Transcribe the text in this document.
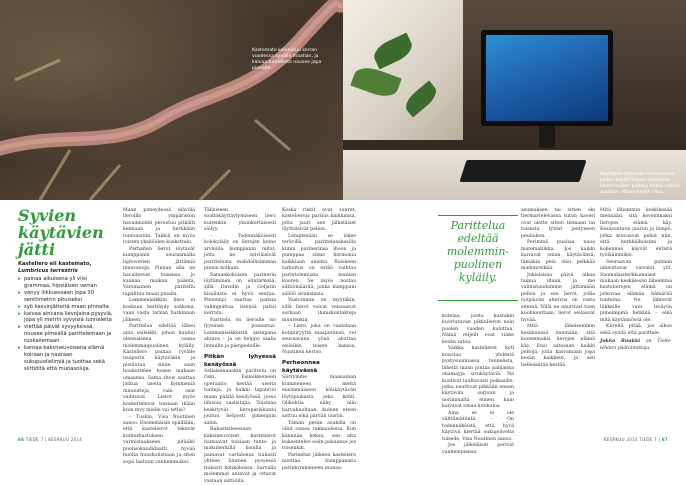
Kastemato kaivautuu kerran vuodessa syvälle maahan, ja kaivaa tunneleita nousee jopa pinnalle.
Käyttäjille tarjotaan tietokoneita, joiden käyttö kaipaa istumista, kenen kaiken polttuu tietoa säätää maahan. Maanviljelijä sitoo.
Syvien
käytävien
jätti
Kasteliero eli kastemato,
Lumbricus terrestris
▸ painaa aikuisena yli viisi grammaa, hipsiäisen verran
▸ venyy liikkuessaan jopa 30 senttimetrin pituiseksi
▸ syö kasvinjätteitä maan pinnalta
▸ kaivaa aincana lievojaina pysyviä, jopa yli metrin syvyisiä tunneleita
▸ viettää päivät syvyyksissä, nousee pimeällä parittelemaan ja ruokailemaan
▸ kantaa kaksineuvoisena elämä koiraan ja naaraan sukupuolielimiä ja tuottaa sekä siittiöitä että munasoluja.

Maan pimeydessä elävillä lieroilla ympäristön havainnointi perustuu pitkälti kemiaan ja herkkään tuntoaistiin. Takkiä on myös toisten yksilöiden koskettelu.

Parhaiten lierot löytävät kumppanin seuraamalla lajitoverien jättämiä limavanoja. Pinnan alla ne havaitsevat toisensa jo kaukaa maikan pääntä. Varsinainen paritellu tapahtuu maan pinalla.

Lemmenleikkiin liero ei koskaan heittäydy sokkona, vaan vasta tarkan harkinnan jälkeen.

Parittelua edeltää läheu aina esileikki, johon kuuluu olennaisena osana molemminpuolinen kyläily. Kasteliero painaa ryvälle naapurin käytäväkin ja pistäutuu sinne, saan houkuttelee toisen mukaan omaansa. Sama show saattaa jatkua useita kymmeniä minuutteja, vain osat vaihtuvat. Lierot myös koskettelevat toisiaan ikään kuin myy mielle vai tetlie?

– Tuskin, Visa Nuutinen sanoo. Ensimmäisin epäillään, että kastelierot tekevät kotitarkastuksen varmistaakseen, pitääkö puolisokandidaatti hyvää huolta huusholiistaan ja siten sopii laatuun vanhemmaksi.

Tällaiseen soidinkäyttäytymiseen liero kuitenkin yksinkertaisesti säilyy.

– Todennäköisesti kolokyläily on lierojen keino arvioida kumppanin mitat, jotta ne selviäisivät parittelusta mahdollisimman pienin kolhuin.

Samankokoisen parinerin löytäminen on elintärkeää, sillä Davidin ja Goljatin kisailusta ei hyvä seuraa. Pienempi saattaa paitsia vahingoittaa itsensä paitsi kerrata.

Parittelu on lieroille iso fyysinen ponnistus. Lemmenleikkeistä aiempana ahtava – ja on helppo saalis linnuille ja pienpedoille.

Pitkän lyhyessä kesäyössä

Sellaisenaankin parittelu on riski. Esileikkeineen operaatio kestää useita tunteja, ja kaikki tapahtuu maan päällä kesäyössä, jossa lähisuu saalistajia. Toisinaa keskityvät lieropariskunta joutuu helposti pimenpiin saliin.

Rakastelleessaan kaksineuvoiset kastelierot hamuavat toisiaan tunto- ja makuherkillä lisuilla ja painavat vartalonsa tiukasti yhteen häntien pysyessä tiukasti kotikoloissa. Sarvalla molemmat antavat ja ottavat vastaan siittiöitä.

Koska riskit ovat suuret, kastelieroja paritus kaikkansa, jotta juuri sen jälkeläiset täyttäisivät pellon.

Lemptesään se iskee terävillä parittelusakasilla kiinni parinerinsa ihoon ja pumppaa siime hormonia kaikkiaan aineita. Ruiskeen tarkoitus on estää vaihtoa parintolemusta munien kuoren. Se myös nostaa siittiömäärää, jonka kumppani säilöö sisuksiinsa.

Vastoinmin on myytäkin, sillä lierot voivat veissaavat sarkaan ihmiskontakteja muutenkin.

– Liero, joka on vaatelaan kotipiiryyttä maaperänsä, voi seuraavana yönä aloittaa esileikin toisen kanssa, Nuutinen kertoo.

Perheonnea käytävässä

Siirrymme maanaman kummeneen mettä ensimmäiseen kotikäytävän löytöpaikasta joka kohti. Olikohtia näky niin harvahuoltaan, kuinen eteen sattuu eikä pärvän uustin.

Tämän pesän asukilla on ollut onnea rakkaudessa. Kun kännnän keksu, sen alta kuksentelee esiin pakaansa jos toisenkin.

Parinelun jälkeen kasteliero nuottaa kumppanista parinkymmeneen munaa-

Parittelua
edeltää
molemmin-
puolinen kyläily.

kotelaa, joista kustakin kuoriutuvan pikkulieron noin puolen vuoden kuluttua. Nämä veljeilt ovat viime kesän satoa.

Vaikka kastelierot kotl kouotaa yhdestä pystysuunnassa tunnelista, lähellä maan pintaa palijanna ohamayja sivukäytäviä. Ne kuulivat luultavasti poikasille, jotka nauttivat pikkään ennen käytävän surjuun ja norimmalta ennen kuin kaivavat omaa kotikoloa.

Aina se ei ole välttämätöntä. – On todennäköistä, että hyvä käytävä kiertää sukupolvelta toiselle, Visa Nuutinen sanoo.

Jos jälkeläiset perivät vanhempiensa

asumuksen tai sitten oki tiermartelevassa tutun kaveri ovat olette sitten tiemaan tai toisesta tytöst jentyneen peuliokon.

Perimmä puoliaa nuoa matematiikka. Jos kaikki kaivavat oman käytävänsä, tämäkin pelu olisi pelkkää madonreikää.

Jokioisissa päivä alkaa taipua iltaan, ja me valmistaudumme jättämään pellon ja sen lierot, joilla työpäivän aherrus on vasta edessä. Yöllä ne nauttivat tuen kuohkeuttaan, lierot seilaavat hyvää.

Mitä läheisemmin kesäkuussä mennään, sitä kovemmaksi lierojen elämä käy. Ensi satosaan kaikki peltoja, joita kasvamaan jopa kesän kaikkein, ja sen hellesäätää kestää.

Mitä lähemmin keskikesää mennään, sitä kovemmaksi lierojen elämä käy. Kesäsontuon juuriin ja lämpö, jotka kuivaavat pellot niin, että herkkäihoisten ja kohennus käyvät entistä työläämmiksi.

Seuraavan pulman aiheuttavat vaivalot yöt. Suomalaisterkkumaiset mukaan keskikesän läheimmä kastelierojen elämä on jatkuvaa elämän hämärää tunteina. Ne lähtevät liikkeille vain lesäyön pimeimpinä hetkinä – eikä mitä käytännössä ole.

Kiireitä pitää, jos aikoo sekä syödä että parittele.

Jukka Ruukki on Tiede-lehden päätoimittaja.
66 TIEDE 7 | KESÄKUU 2014	KESÄKUU 2014 TIEDE 7 | 67
